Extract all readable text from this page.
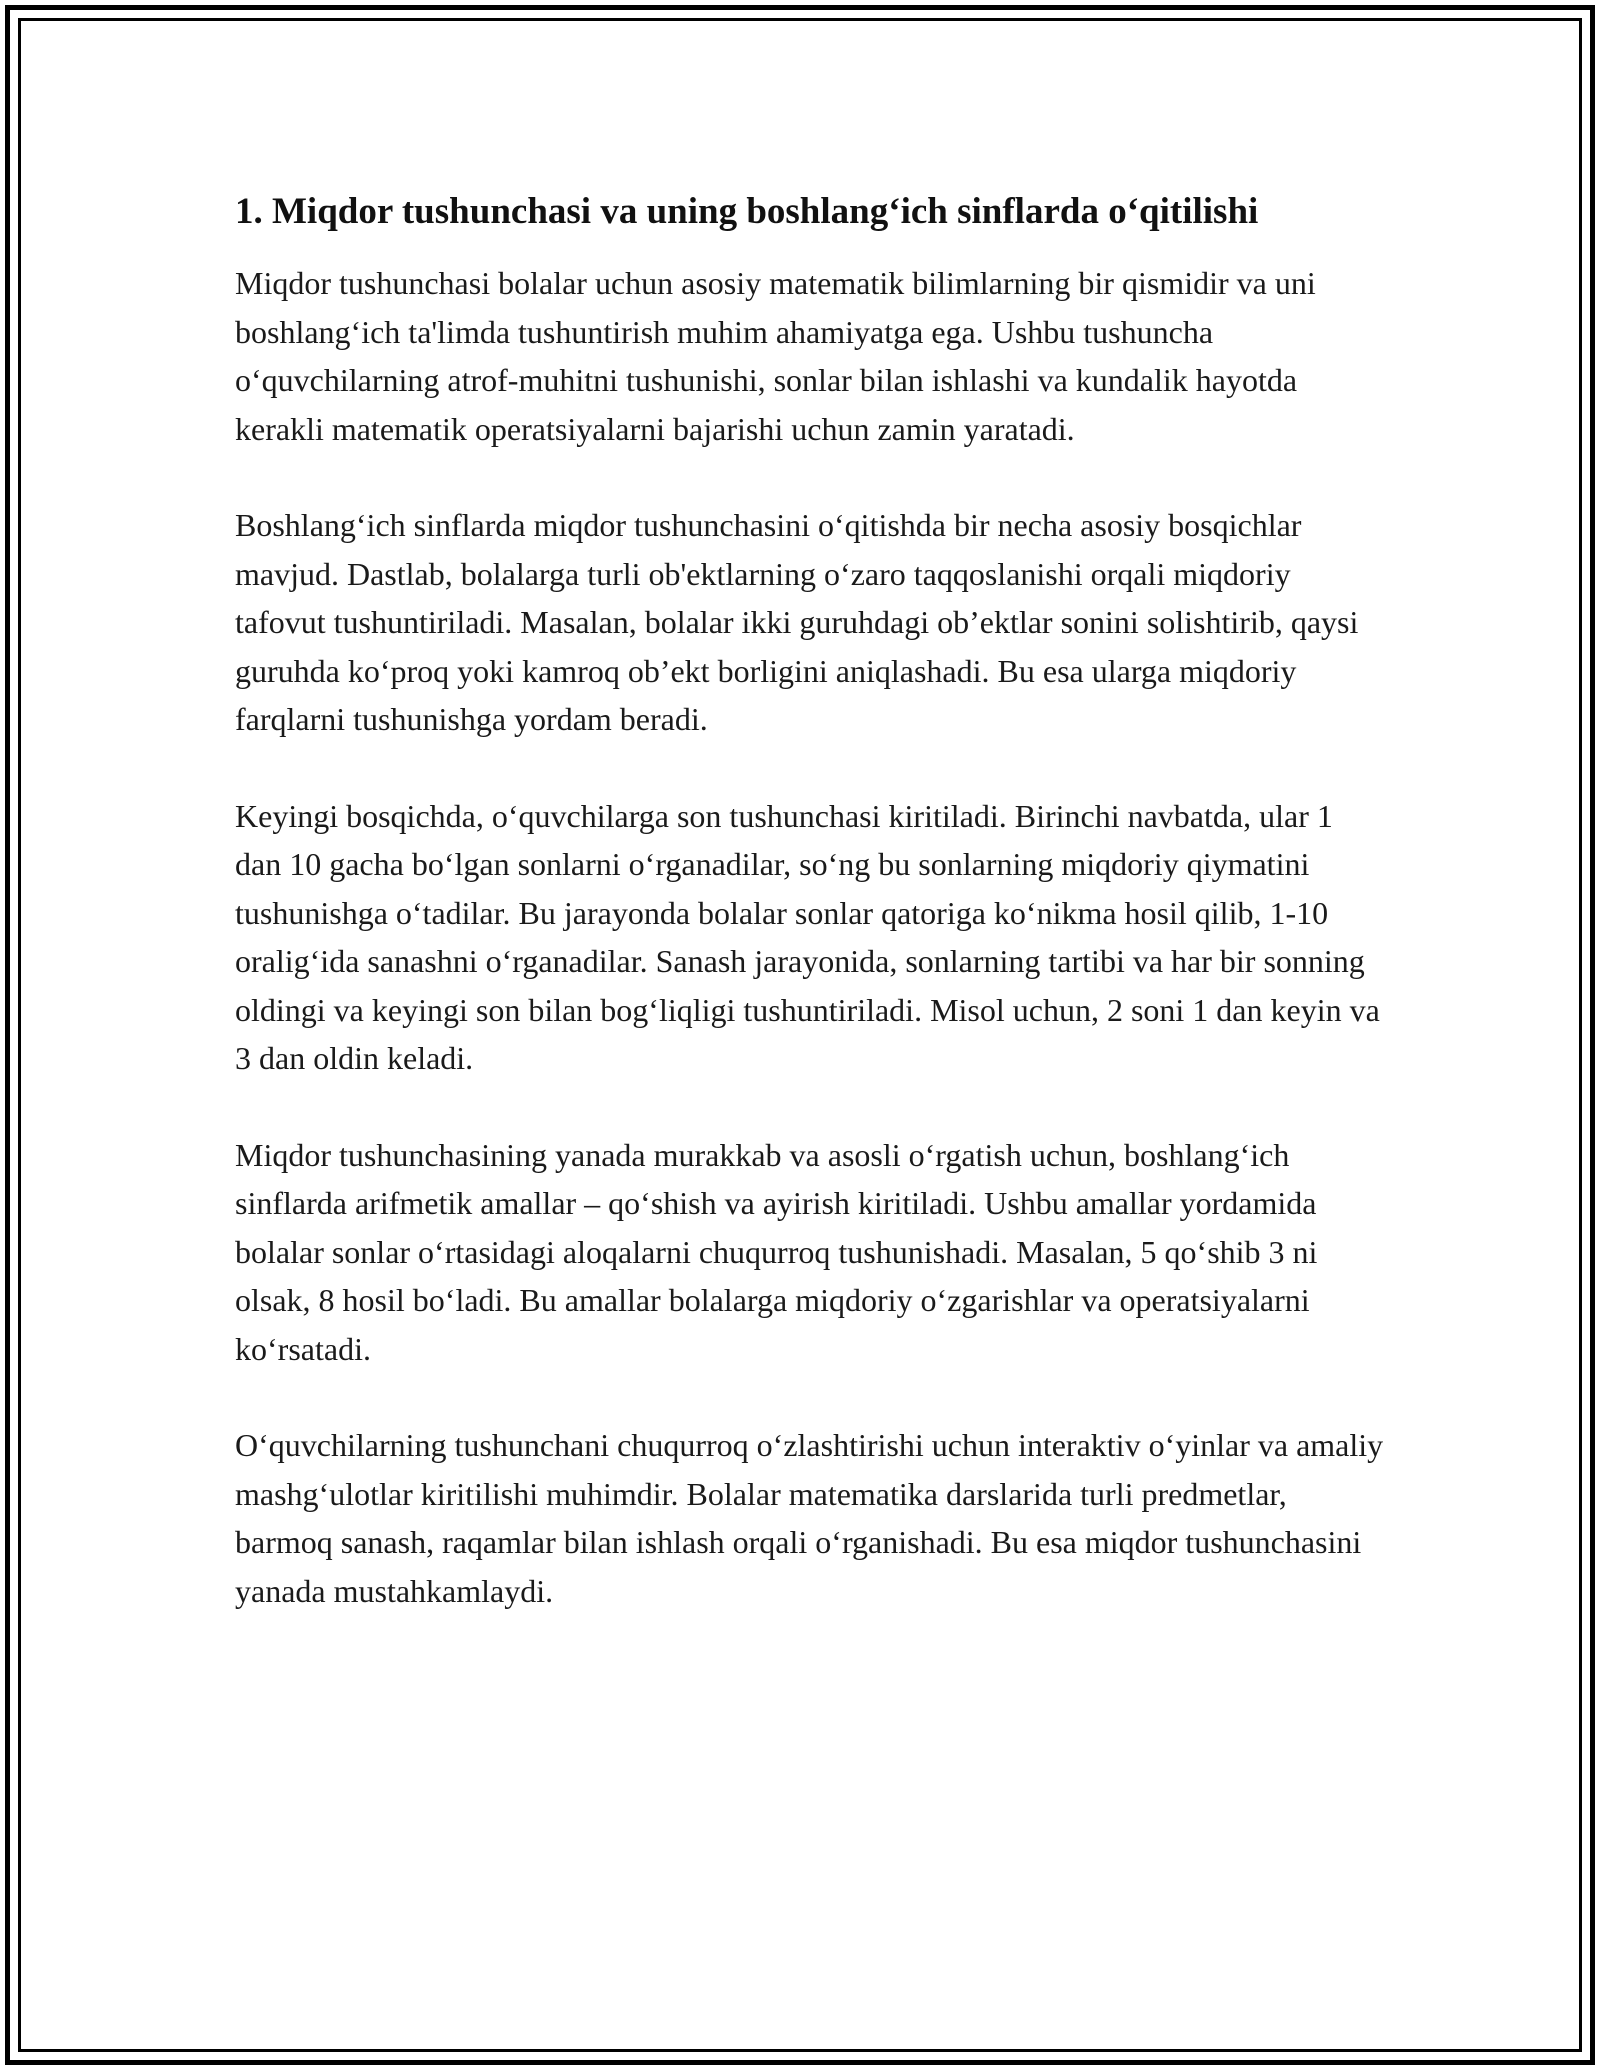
1. Miqdor tushunchasi va uning boshlang‘ich sinflarda o‘qitilishi

Miqdor tushunchasi bolalar uchun asosiy matematik bilimlarning bir qismidir va uni boshlang‘ich ta'limda tushuntirish muhim ahamiyatga ega. Ushbu tushuncha o‘quvchilarning atrof-muhitni tushunishi, sonlar bilan ishlashi va kundalik hayotda kerakli matematik operatsiyalarni bajarishi uchun zamin yaratadi.

Boshlang‘ich sinflarda miqdor tushunchasini o‘qitishda bir necha asosiy bosqichlar mavjud. Dastlab, bolalarga turli ob'ektlarning o‘zaro taqqoslanishi orqali miqdoriy tafovut tushuntiriladi. Masalan, bolalar ikki guruhdagi ob’ektlar sonini solishtirib, qaysi guruhda ko‘proq yoki kamroq ob’ekt borligini aniqlashadi. Bu esa ularga miqdoriy farqlarni tushunishga yordam beradi.

Keyingi bosqichda, o‘quvchilarga son tushunchasi kiritiladi. Birinchi navbatda, ular 1 dan 10 gacha bo‘lgan sonlarni o‘rganadilar, so‘ng bu sonlarning miqdoriy qiymatini tushunishga o‘tadilar. Bu jarayonda bolalar sonlar qatoriga ko‘nikma hosil qilib, 1-10 oralig‘ida sanashni o‘rganadilar. Sanash jarayonida, sonlarning tartibi va har bir sonning oldingi va keyingi son bilan bog‘liqligi tushuntiriladi. Misol uchun, 2 soni 1 dan keyin va 3 dan oldin keladi.

Miqdor tushunchasining yanada murakkab va asosli o‘rgatish uchun, boshlang‘ich sinflarda arifmetik amallar – qo‘shish va ayirish kiritiladi. Ushbu amallar yordamida bolalar sonlar o‘rtasidagi aloqalarni chuqurroq tushunishadi. Masalan, 5 qo‘shib 3 ni olsak, 8 hosil bo‘ladi. Bu amallar bolalarga miqdoriy o‘zgarishlar va operatsiyalarni ko‘rsatadi.

O‘quvchilarning tushunchani chuqurroq o‘zlashtirishi uchun interaktiv o‘yinlar va amaliy mashg‘ulotlar kiritilishi muhimdir. Bolalar matematika darslarida turli predmetlar, barmoq sanash, raqamlar bilan ishlash orqali o‘rganishadi. Bu esa miqdor tushunchasini yanada mustahkamlaydi.
